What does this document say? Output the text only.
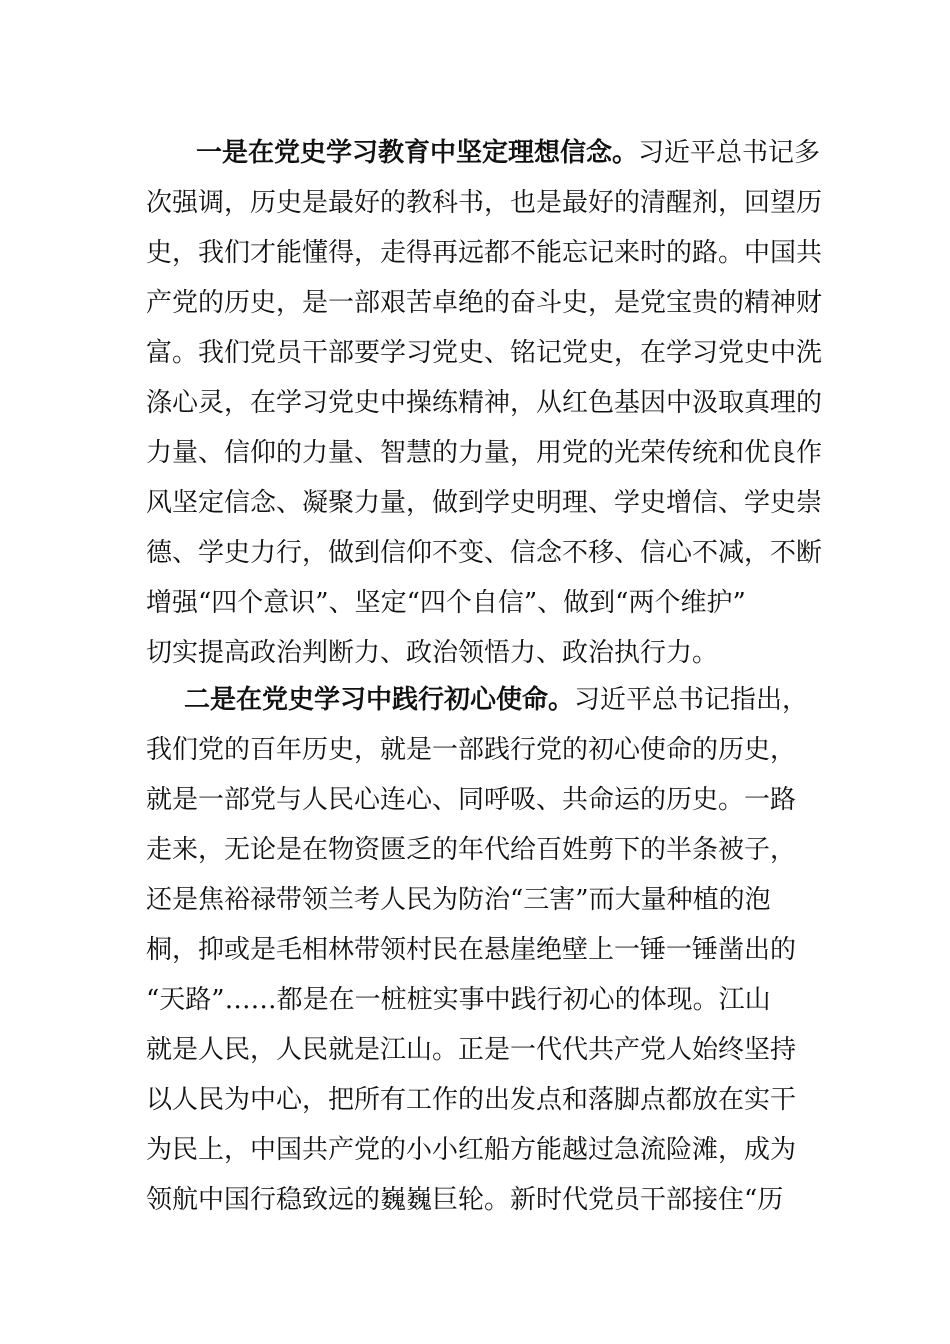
一是在党史学习教育中坚定理想信念。习近平总书记多
次强调，历史是最好的教科书，也是最好的清醒剂，回望历
史，我们才能懂得，走得再远都不能忘记来时的路。中国共
产党的历史，是一部艰苦卓绝的奋斗史，是党宝贵的精神财
富。我们党员干部要学习党史、铭记党史，在学习党史中洗
涤心灵，在学习党史中操练精神，从红色基因中汲取真理的
力量、信仰的力量、智慧的力量，用党的光荣传统和优良作
风坚定信念、凝聚力量，做到学史明理、学史增信、学史崇
德、学史力行，做到信仰不变、信念不移、信心不减，不断
增强“四个意识”、坚定“四个自信”、做到“两个维护”
切实提高政治判断力、政治领悟力、政治执行力。
二是在党史学习中践行初心使命。习近平总书记指出，
我们党的百年历史，就是一部践行党的初心使命的历史，
就是一部党与人民心连心、同呼吸、共命运的历史。一路
走来，无论是在物资匮乏的年代给百姓剪下的半条被子，
还是焦裕禄带领兰考人民为防治“三害”而大量种植的泡
桐，抑或是毛相林带领村民在悬崖绝壁上一锤一锤凿出的
“天路”……都是在一桩桩实事中践行初心的体现。江山
就是人民，人民就是江山。正是一代代共产党人始终坚持
以人民为中心，把所有工作的出发点和落脚点都放在实干
为民上，中国共产党的小小红船方能越过急流险滩，成为
领航中国行稳致远的巍巍巨轮。新时代党员干部接住“历
